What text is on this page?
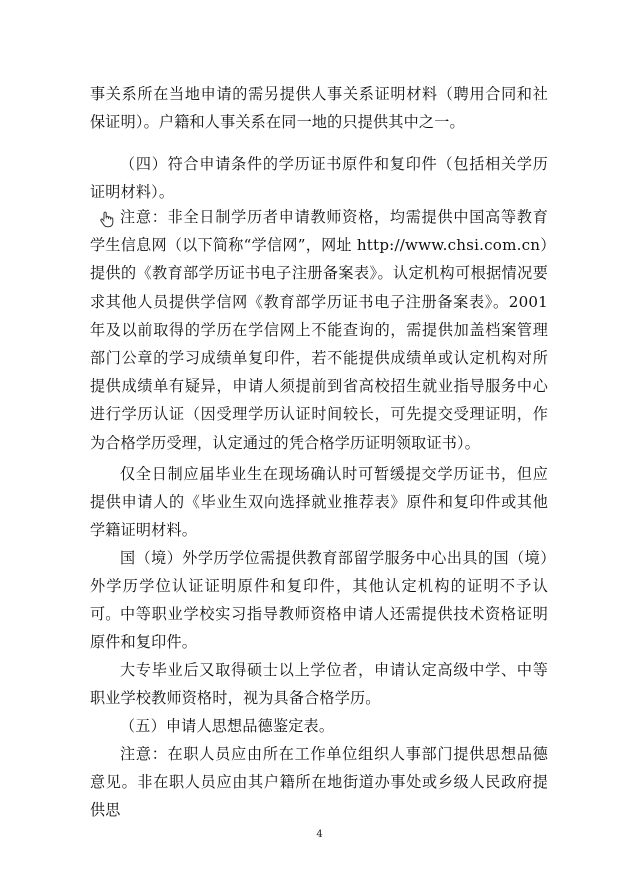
事关系所在当地申请的需另提供人事关系证明材料（聘用合同和社保证明）。户籍和人事关系在同一地的只提供其中之一。

（四）符合申请条件的学历证书原件和复印件（包括相关学历证明材料）。

注意：非全日制学历者申请教师资格，均需提供中国高等教育学生信息网（以下简称“学信网”，网址 http://www.chsi.com.cn）提供的《教育部学历证书电子注册备案表》。认定机构可根据情况要求其他人员提供学信网《教育部学历证书电子注册备案表》。2001 年及以前取得的学历在学信网上不能查询的，需提供加盖档案管理部门公章的学习成绩单复印件，若不能提供成绩单或认定机构对所提供成绩单有疑异，申请人须提前到省高校招生就业指导服务中心进行学历认证（因受理学历认证时间较长，可先提交受理证明，作为合格学历受理，认定通过的凭合格学历证明领取证书）。

仅全日制应届毕业生在现场确认时可暂缓提交学历证书，但应提供申请人的《毕业生双向选择就业推荐表》原件和复印件或其他学籍证明材料。

国（境）外学历学位需提供教育部留学服务中心出具的国（境）外学历学位认证证明原件和复印件，其他认定机构的证明不予认可。 中等职业学校实习指导教师资格申请人还需提供技术资格证明原件和复印件。

大专毕业后又取得硕士以上学位者，申请认定高级中学、中等职业学校教师资格时，视为具备合格学历。

（五）申请人思想品德鉴定表。

注意：在职人员应由所在工作单位组织人事部门提供思想品德意见。非在职人员应由其户籍所在地街道办事处或乡级人民政府提供思

4
